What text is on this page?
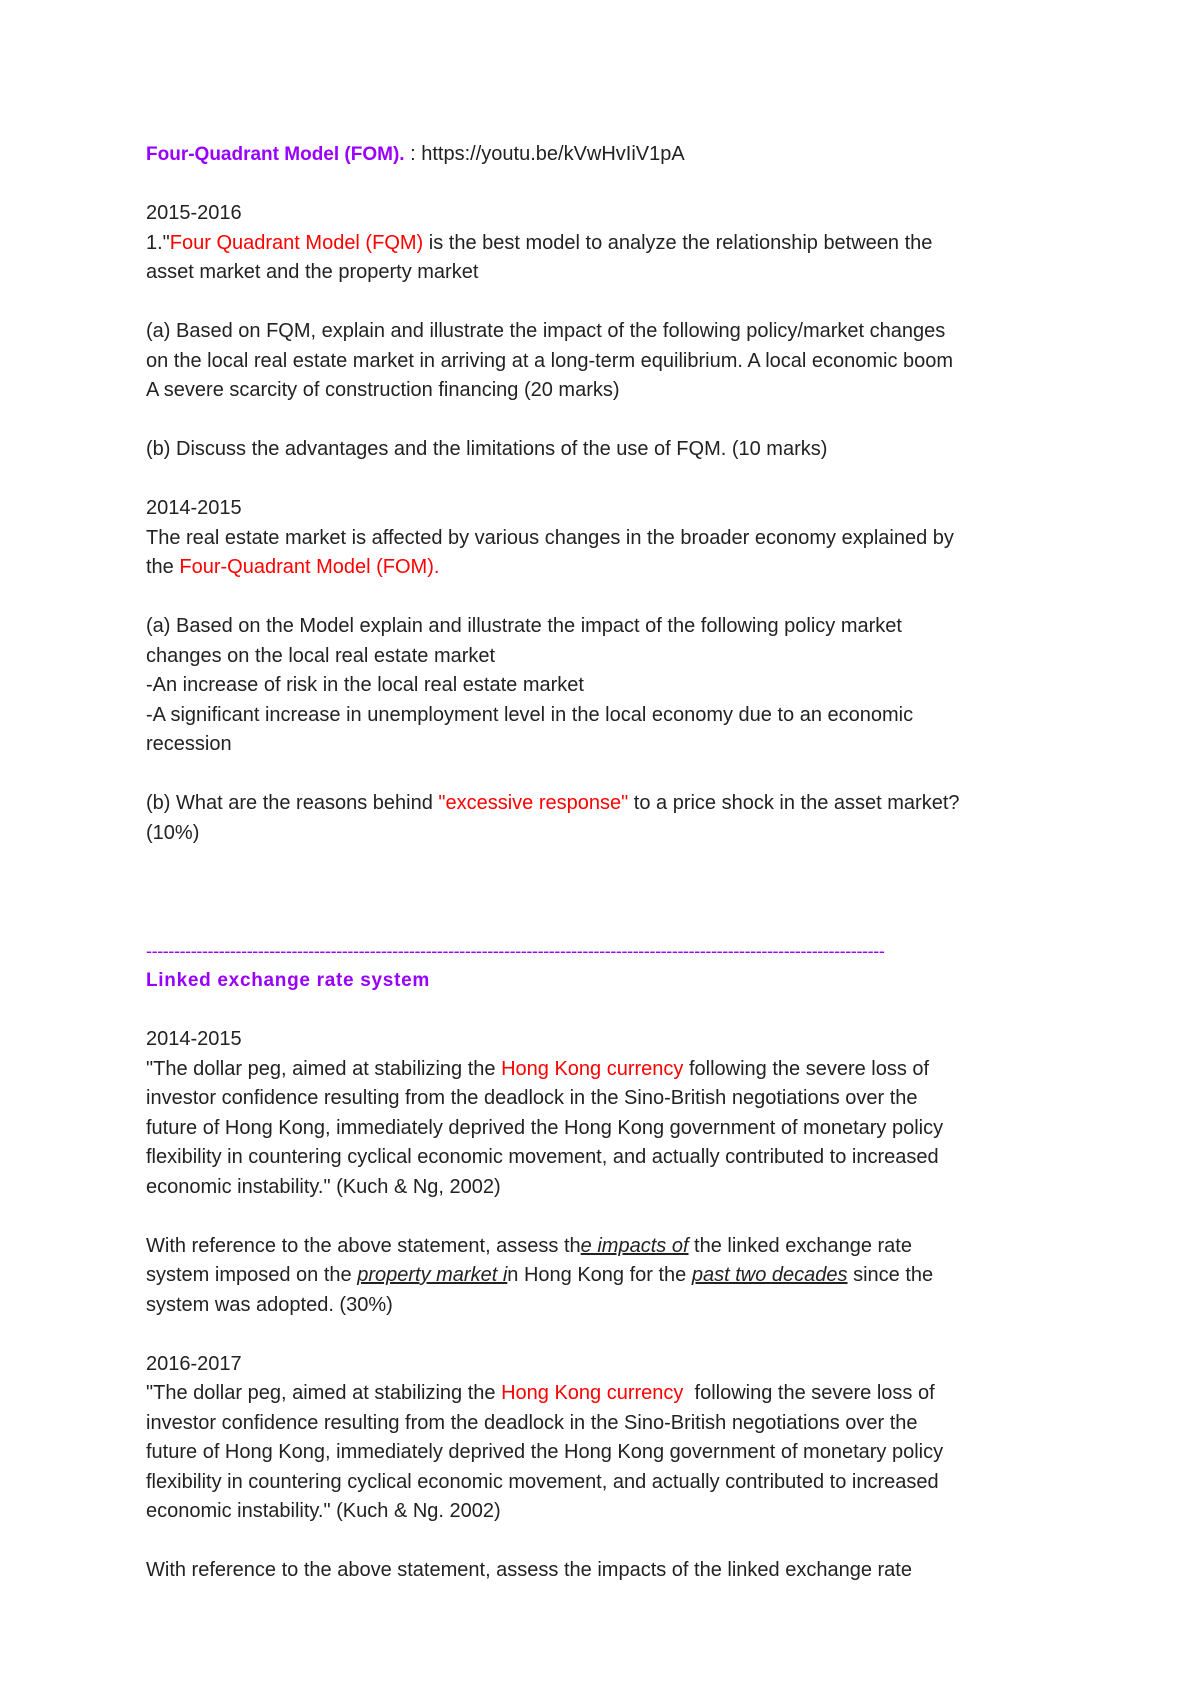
Four-Quadrant Model (FOM). : https://youtu.be/kVwHvIiV1pA
2015-2016
1."Four Quadrant Model (FQM) is the best model to analyze the relationship between the
asset market and the property market
(a) Based on FQM, explain and illustrate the impact of the following policy/market changes
on the local real estate market in arriving at a long-term equilibrium. A local economic boom
A severe scarcity of construction financing (20 marks)
(b) Discuss the advantages and the limitations of the use of FQM. (10 marks)
2014-2015
The real estate market is affected by various changes in the broader economy explained by
the Four-Quadrant Model (FOM).
(a) Based on the Model explain and illustrate the impact of the following policy market
changes on the local real estate market
-An increase of risk in the local real estate market
-A significant increase in unemployment level in the local economy due to an economic
recession
(b) What are the reasons behind "excessive response" to a price shock in the asset market?
(10%)
------------------------------------------------------------------------------------------------------------------------------------
Linked exchange rate system
2014-2015
"The dollar peg, aimed at stabilizing the Hong Kong currency following the severe loss of
investor confidence resulting from the deadlock in the Sino-British negotiations over the
future of Hong Kong, immediately deprived the Hong Kong government of monetary policy
flexibility in countering cyclical economic movement, and actually contributed to increased
economic instability." (Kuch & Ng, 2002)
With reference to the above statement, assess the impacts of the linked exchange rate
system imposed on the property market in Hong Kong for the past two decades since the
system was adopted. (30%)
2016-2017
"The dollar peg, aimed at stabilizing the Hong Kong currency  following the severe loss of
investor confidence resulting from the deadlock in the Sino-British negotiations over the
future of Hong Kong, immediately deprived the Hong Kong government of monetary policy
flexibility in countering cyclical economic movement, and actually contributed to increased
economic instability." (Kuch & Ng. 2002)
With reference to the above statement, assess the impacts of the linked exchange rate
